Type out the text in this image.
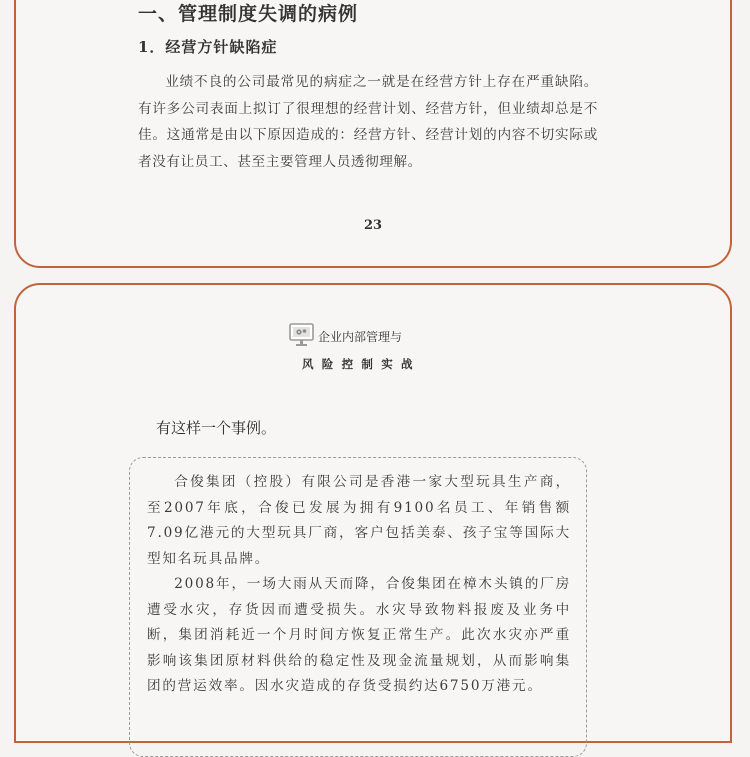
一、管理制度失调的病例
1．经营方针缺陷症

业绩不良的公司最常见的病症之一就是在经营方针上存在严重缺陷。有许多公司表面上拟订了很理想的经营计划、经营方针，但业绩却总是不佳。这通常是由以下原因造成的：经营方针、经营计划的内容不切实际或者没有让员工、甚至主要管理人员透彻理解。

23
企业内部管理与
风险控制实战

有这样一个事例。

合俊集团（控股）有限公司是香港一家大型玩具生产商，至2007年底，合俊已发展为拥有9100名员工、年销售额7.09亿港元的大型玩具厂商，客户包括美泰、孩子宝等国际大型知名玩具品牌。

2008年，一场大雨从天而降，合俊集团在樟木头镇的厂房遭受水灾，存货因而遭受损失。水灾导致物料报废及业务中断，集团消耗近一个月时间方恢复正常生产。此次水灾亦严重影响该集团原材料供给的稳定性及现金流量规划，从而影响集团的营运效率。因水灾造成的存货受损约达6750万港元。
